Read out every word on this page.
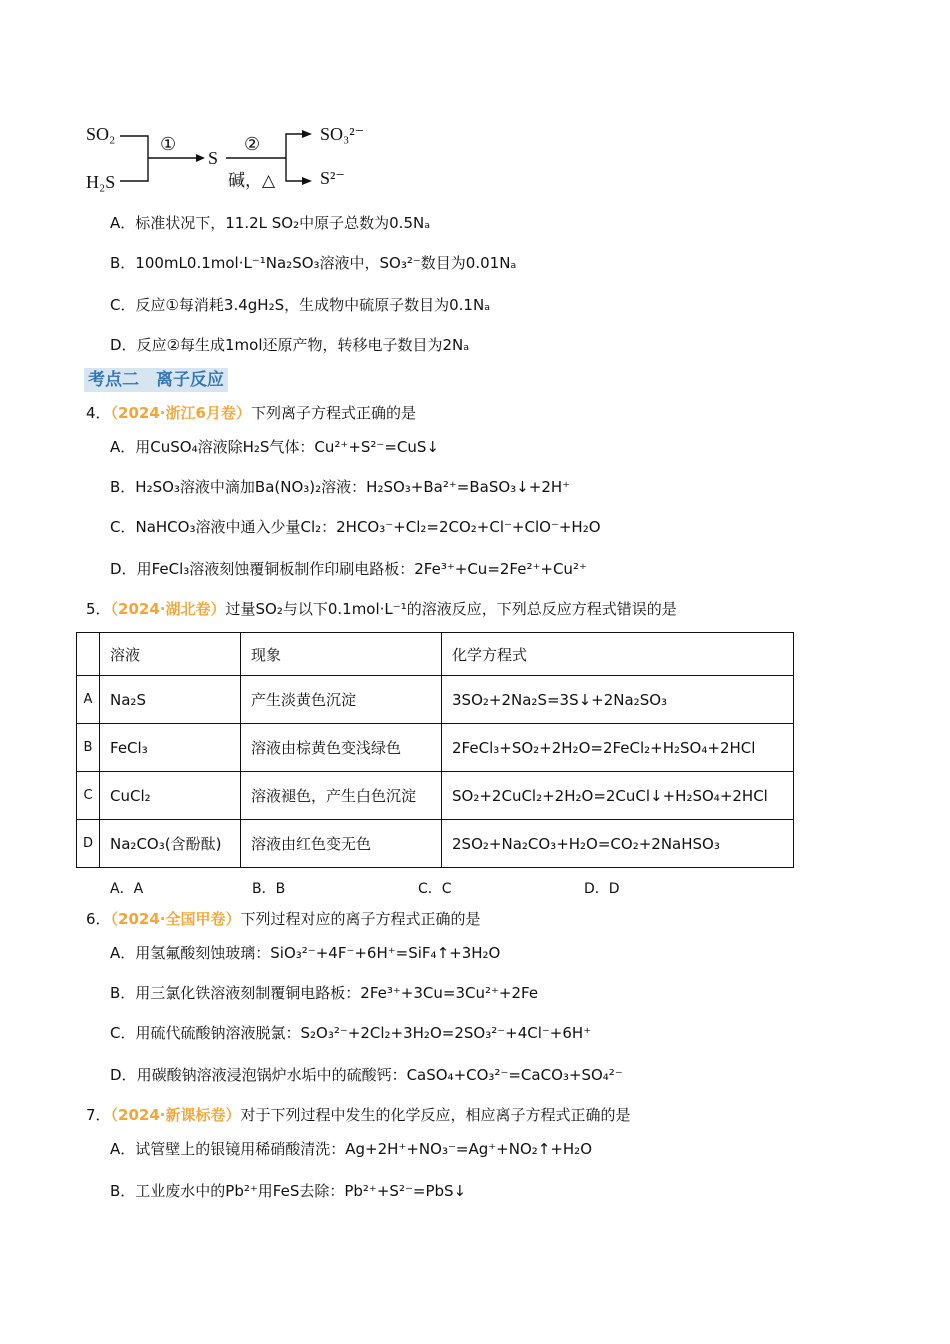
SO₂
H₂S
①
S
②
碱，△
SO₃²⁻
S²⁻
A．标准状况下，11.2L SO₂中原子总数为0.5Nₐ
B．100mL0.1mol·L⁻¹Na₂SO₃溶液中，SO₃²⁻数目为0.01Nₐ
C．反应①每消耗3.4gH₂S，生成物中硫原子数目为0.1Nₐ
D．反应②每生成1mol还原产物，转移电子数目为2Nₐ
考点二　离子反应
4．（2024·浙江6月卷）下列离子方程式正确的是
A．用CuSO₄溶液除H₂S气体：Cu²⁺+S²⁻=CuS↓
B．H₂SO₃溶液中滴加Ba(NO₃)₂溶液：H₂SO₃+Ba²⁺=BaSO₃↓+2H⁺
C．NaHCO₃溶液中通入少量Cl₂：2HCO₃⁻+Cl₂=2CO₂+Cl⁻+ClO⁻+H₂O
D．用FeCl₃溶液刻蚀覆铜板制作印刷电路板：2Fe³⁺+Cu=2Fe²⁺+Cu²⁺
5．（2024·湖北卷）过量SO₂与以下0.1mol·L⁻¹的溶液反应，下列总反应方程式错误的是
	溶液	现象	化学方程式
A	Na₂S	产生淡黄色沉淀	3SO₂+2Na₂S=3S↓+2Na₂SO₃
B	FeCl₃	溶液由棕黄色变浅绿色	2FeCl₃+SO₂+2H₂O=2FeCl₂+H₂SO₄+2HCl
C	CuCl₂	溶液褪色，产生白色沉淀	SO₂+2CuCl₂+2H₂O=2CuCl↓+H₂SO₄+2HCl
D	Na₂CO₃(含酚酞)	溶液由红色变无色	2SO₂+Na₂CO₃+H₂O=CO₂+2NaHSO₃
A．A	B．B	C．C	D．D
6．（2024·全国甲卷）下列过程对应的离子方程式正确的是
A．用氢氟酸刻蚀玻璃：SiO₃²⁻+4F⁻+6H⁺=SiF₄↑+3H₂O
B．用三氯化铁溶液刻制覆铜电路板：2Fe³⁺+3Cu=3Cu²⁺+2Fe
C．用硫代硫酸钠溶液脱氯：S₂O₃²⁻+2Cl₂+3H₂O=2SO₃²⁻+4Cl⁻+6H⁺
D．用碳酸钠溶液浸泡锅炉水垢中的硫酸钙：CaSO₄+CO₃²⁻=CaCO₃+SO₄²⁻
7．（2024·新课标卷）对于下列过程中发生的化学反应，相应离子方程式正确的是
A．试管壁上的银镜用稀硝酸清洗：Ag+2H⁺+NO₃⁻=Ag⁺+NO₂↑+H₂O
B．工业废水中的Pb²⁺用FeS去除：Pb²⁺+S²⁻=PbS↓
